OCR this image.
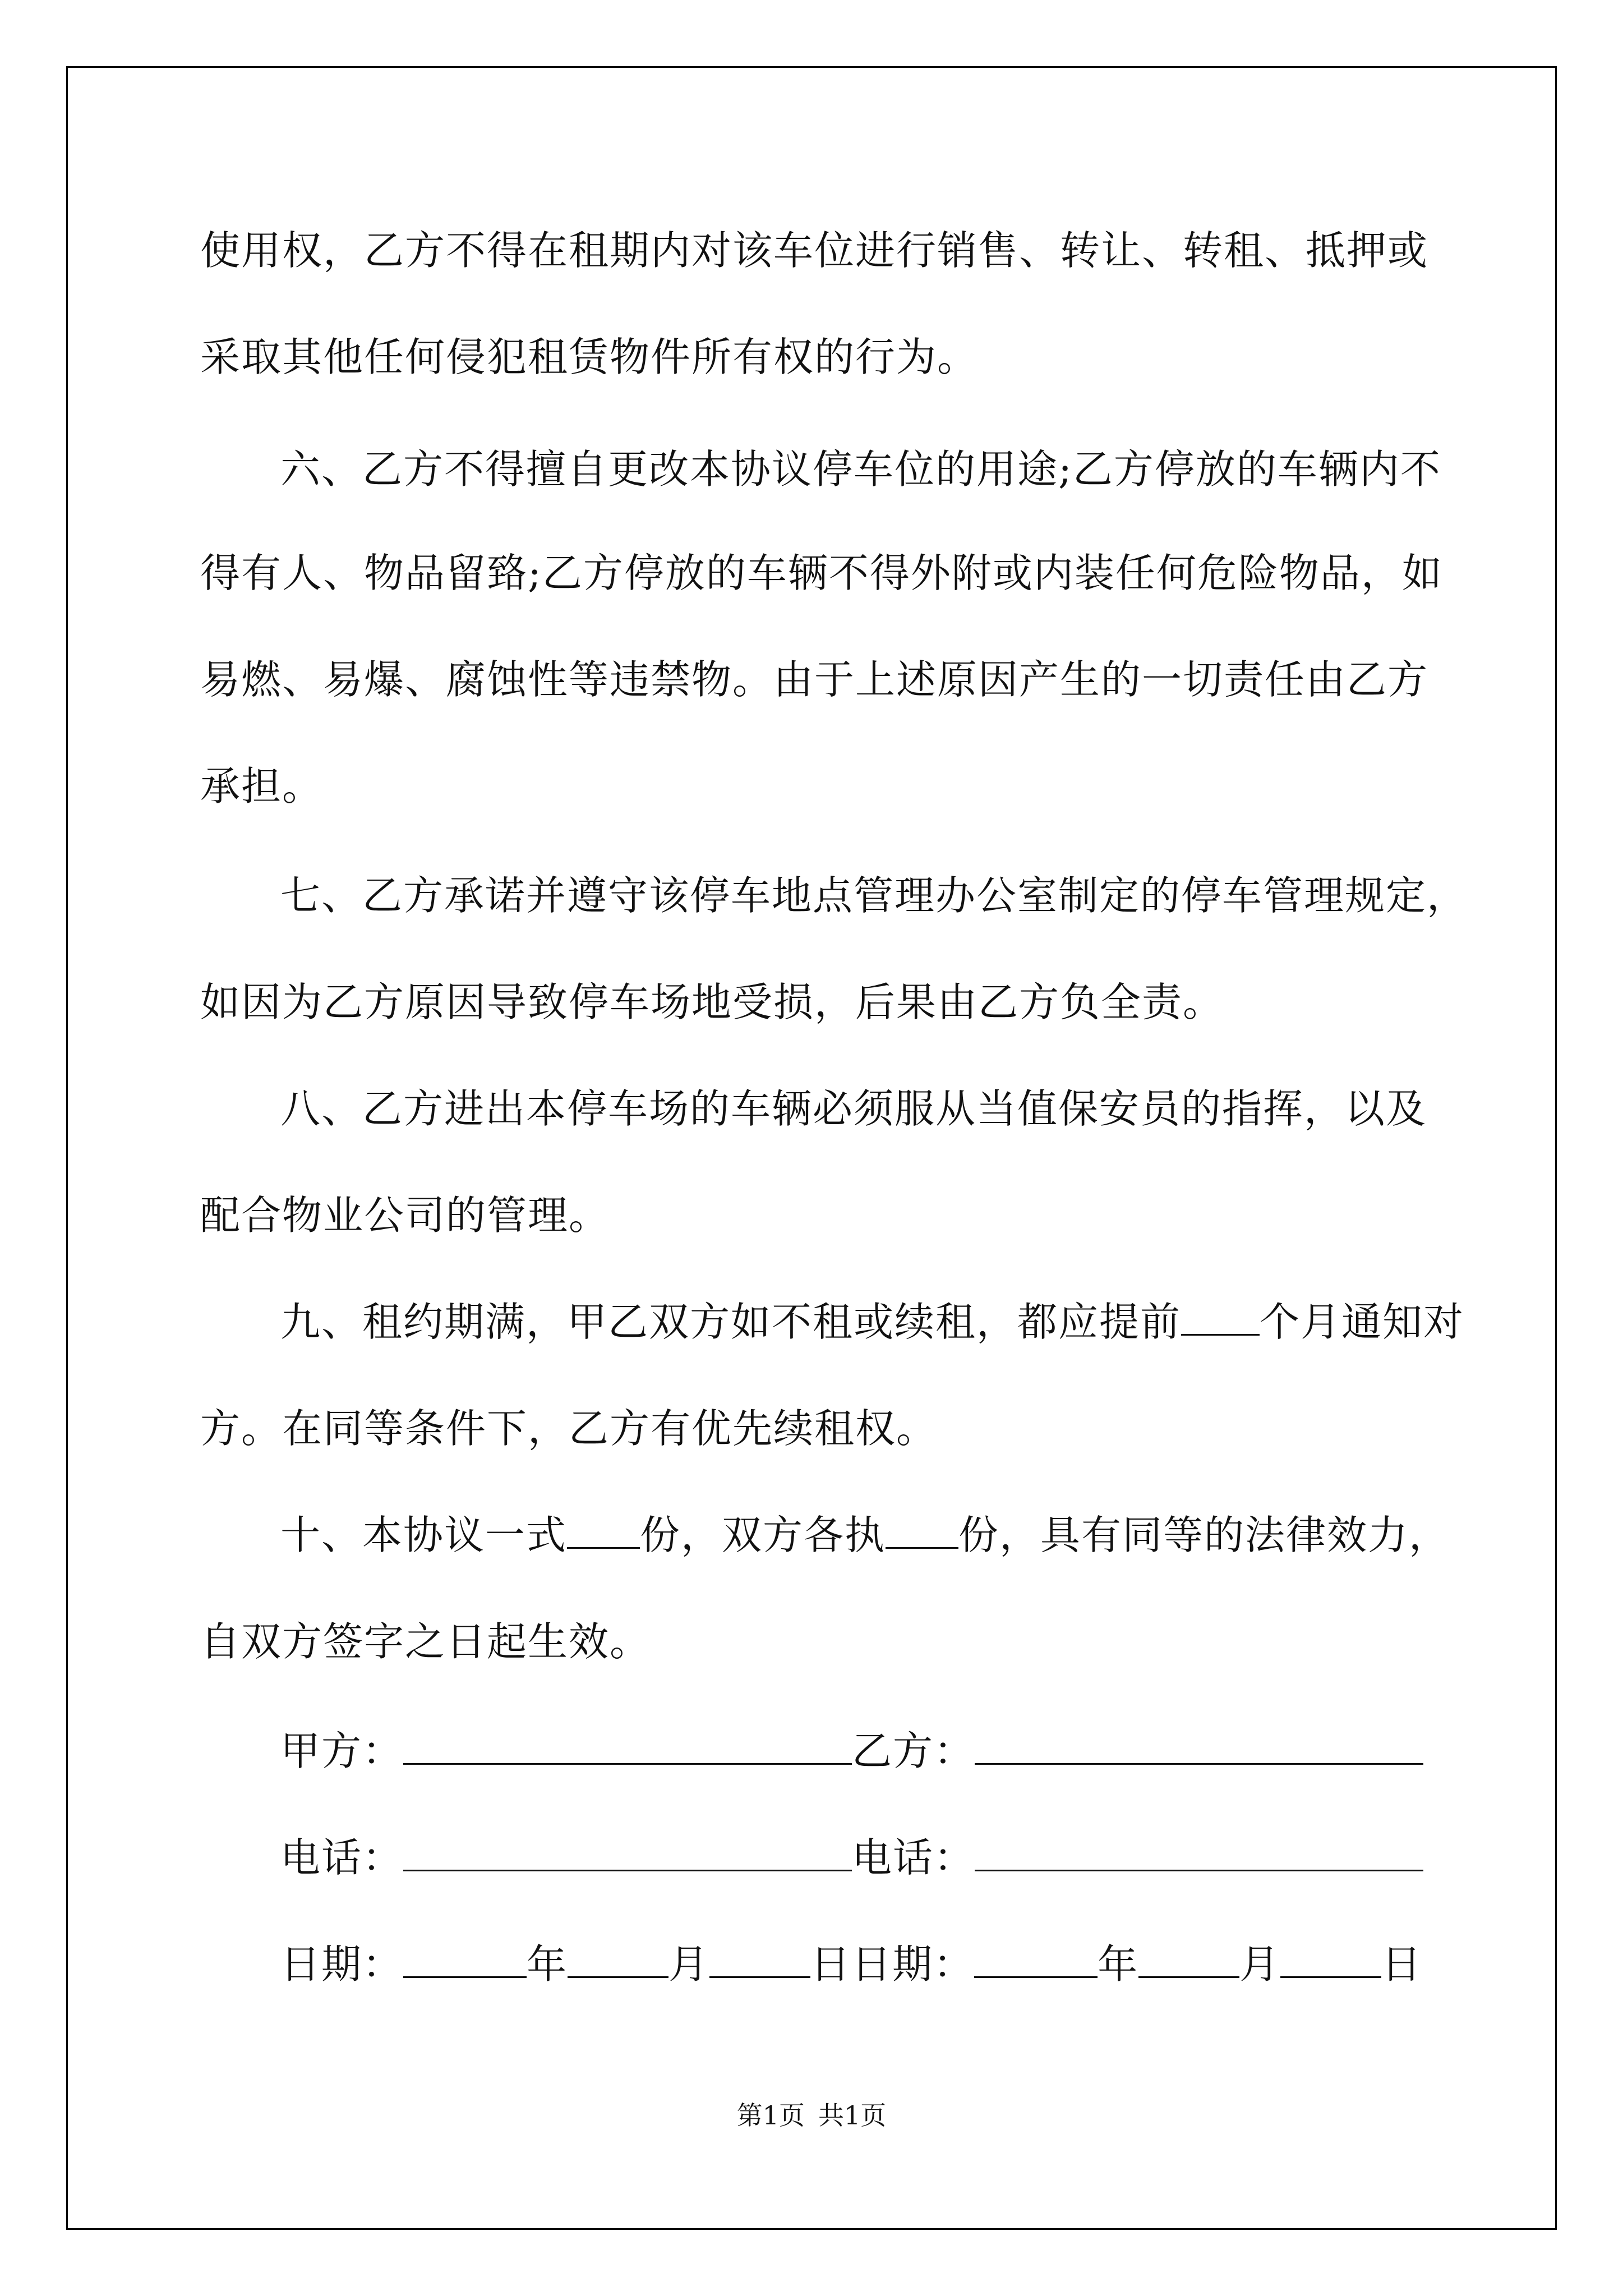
使用权，乙方不得在租期内对该车位进行销售、转让、转租、抵押或
采取其他任何侵犯租赁物件所有权的行为。
六、乙方不得擅自更改本协议停车位的用途;乙方停放的车辆内不
得有人、物品留臵;乙方停放的车辆不得外附或内装任何危险物品，如
易燃、易爆、腐蚀性等违禁物。由于上述原因产生的一切责任由乙方
承担。
七、乙方承诺并遵守该停车地点管理办公室制定的停车管理规定，
如因为乙方原因导致停车场地受损，后果由乙方负全责。
八、乙方进出本停车场的车辆必须服从当值保安员的指挥，以及
配合物业公司的管理。
九、租约期满，甲乙双方如不租或续租，都应提前 个月通知对
方。在同等条件下，乙方有优先续租权。
十、本协议一式 份，双方各执 份，具有同等的法律效力，
自双方签字之日起生效。
甲方：	乙方：
电话：	电话：
日期：	年	月	日日期：	年	月	日
第1页 共1页
